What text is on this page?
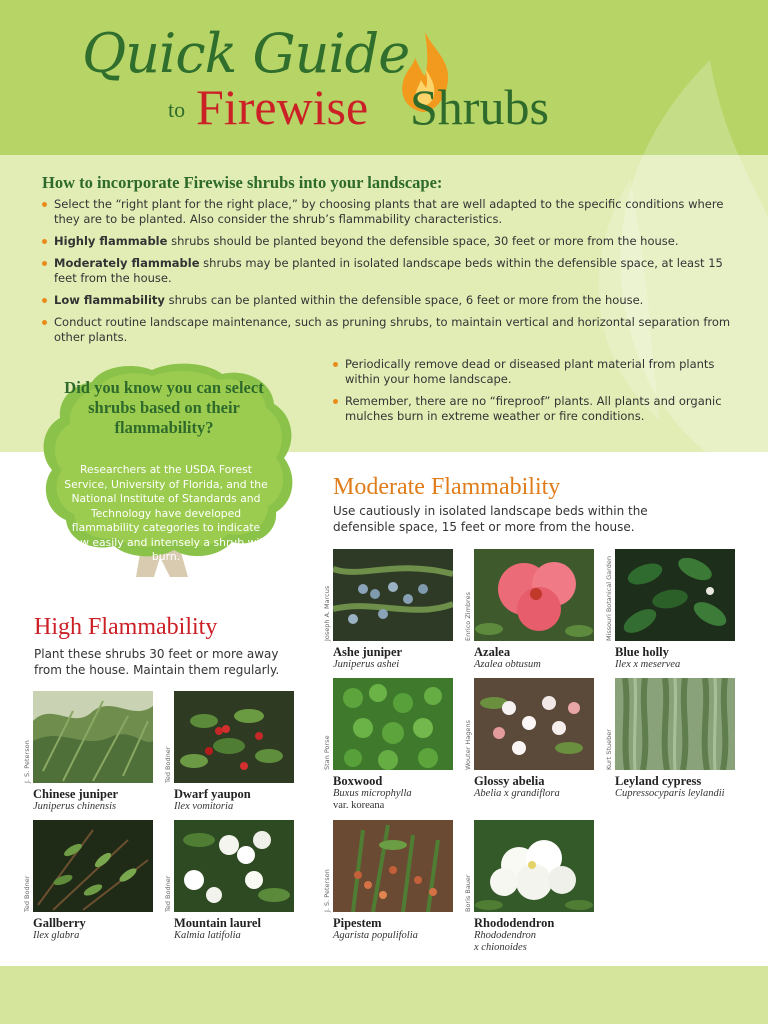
Quick Guide
to Firewise Shrubs
How to incorporate Firewise shrubs into your landscape:
Select the “right plant for the right place,” by choosing plants that are well adapted to the specific conditions where they are to be planted. Also consider the shrub’s flammability characteristics.
Highly flammable shrubs should be planted beyond the defensible space, 30 feet or more from the house.
Moderately flammable shrubs may be planted in isolated landscape beds within the defensible space, at least 15 feet from the house.
Low flammability shrubs can be planted within the defensible space, 6 feet or more from the house.
Conduct routine landscape maintenance, such as pruning shrubs, to maintain vertical and horizontal separation from other plants.
Periodically remove dead or diseased plant material from plants within your home landscape.
Remember, there are no “fireproof” plants. All plants and organic mulches burn in extreme weather or fire conditions.
Did you know you can select shrubs based on their flammability?
Researchers at the USDA Forest Service, University of Florida, and the National Institute of Standards and Technology have developed flammability categories to indicate how easily and intensely a shrub will burn.
High Flammability
Plant these shrubs 30 feet or more away from the house. Maintain them regularly.
Moderate Flammability
Use cautiously in isolated landscape beds within the defensible space, 15 feet or more from the house.
J. S. Peterson
Chinese juniper
Juniperus chinensis
Ted Bodner
Dwarf yaupon
Ilex vomitoria
Ted Bodner
Gallberry
Ilex glabra
Ted Bodner
Mountain laurel
Kalmia latifolia
Joseph A. Marcus
Ashe juniper
Juniperus ashei
Enrico Zimbres
Azalea
Azalea obtusum
Missouri Botanical Garden
Blue holly
Ilex x meservea
Stan Porse
Boxwood
Buxus microphylla
var. koreana
Wouter Hagens
Glossy abelia
Abelia x grandiflora
Kurt Stueber
Leyland cypress
Cupressocyparis leylandii
J. S. Peterson
Pipestem
Agarista populifolia
Boris Bauer
Rhododendron
Rhododendron
x chionoides
